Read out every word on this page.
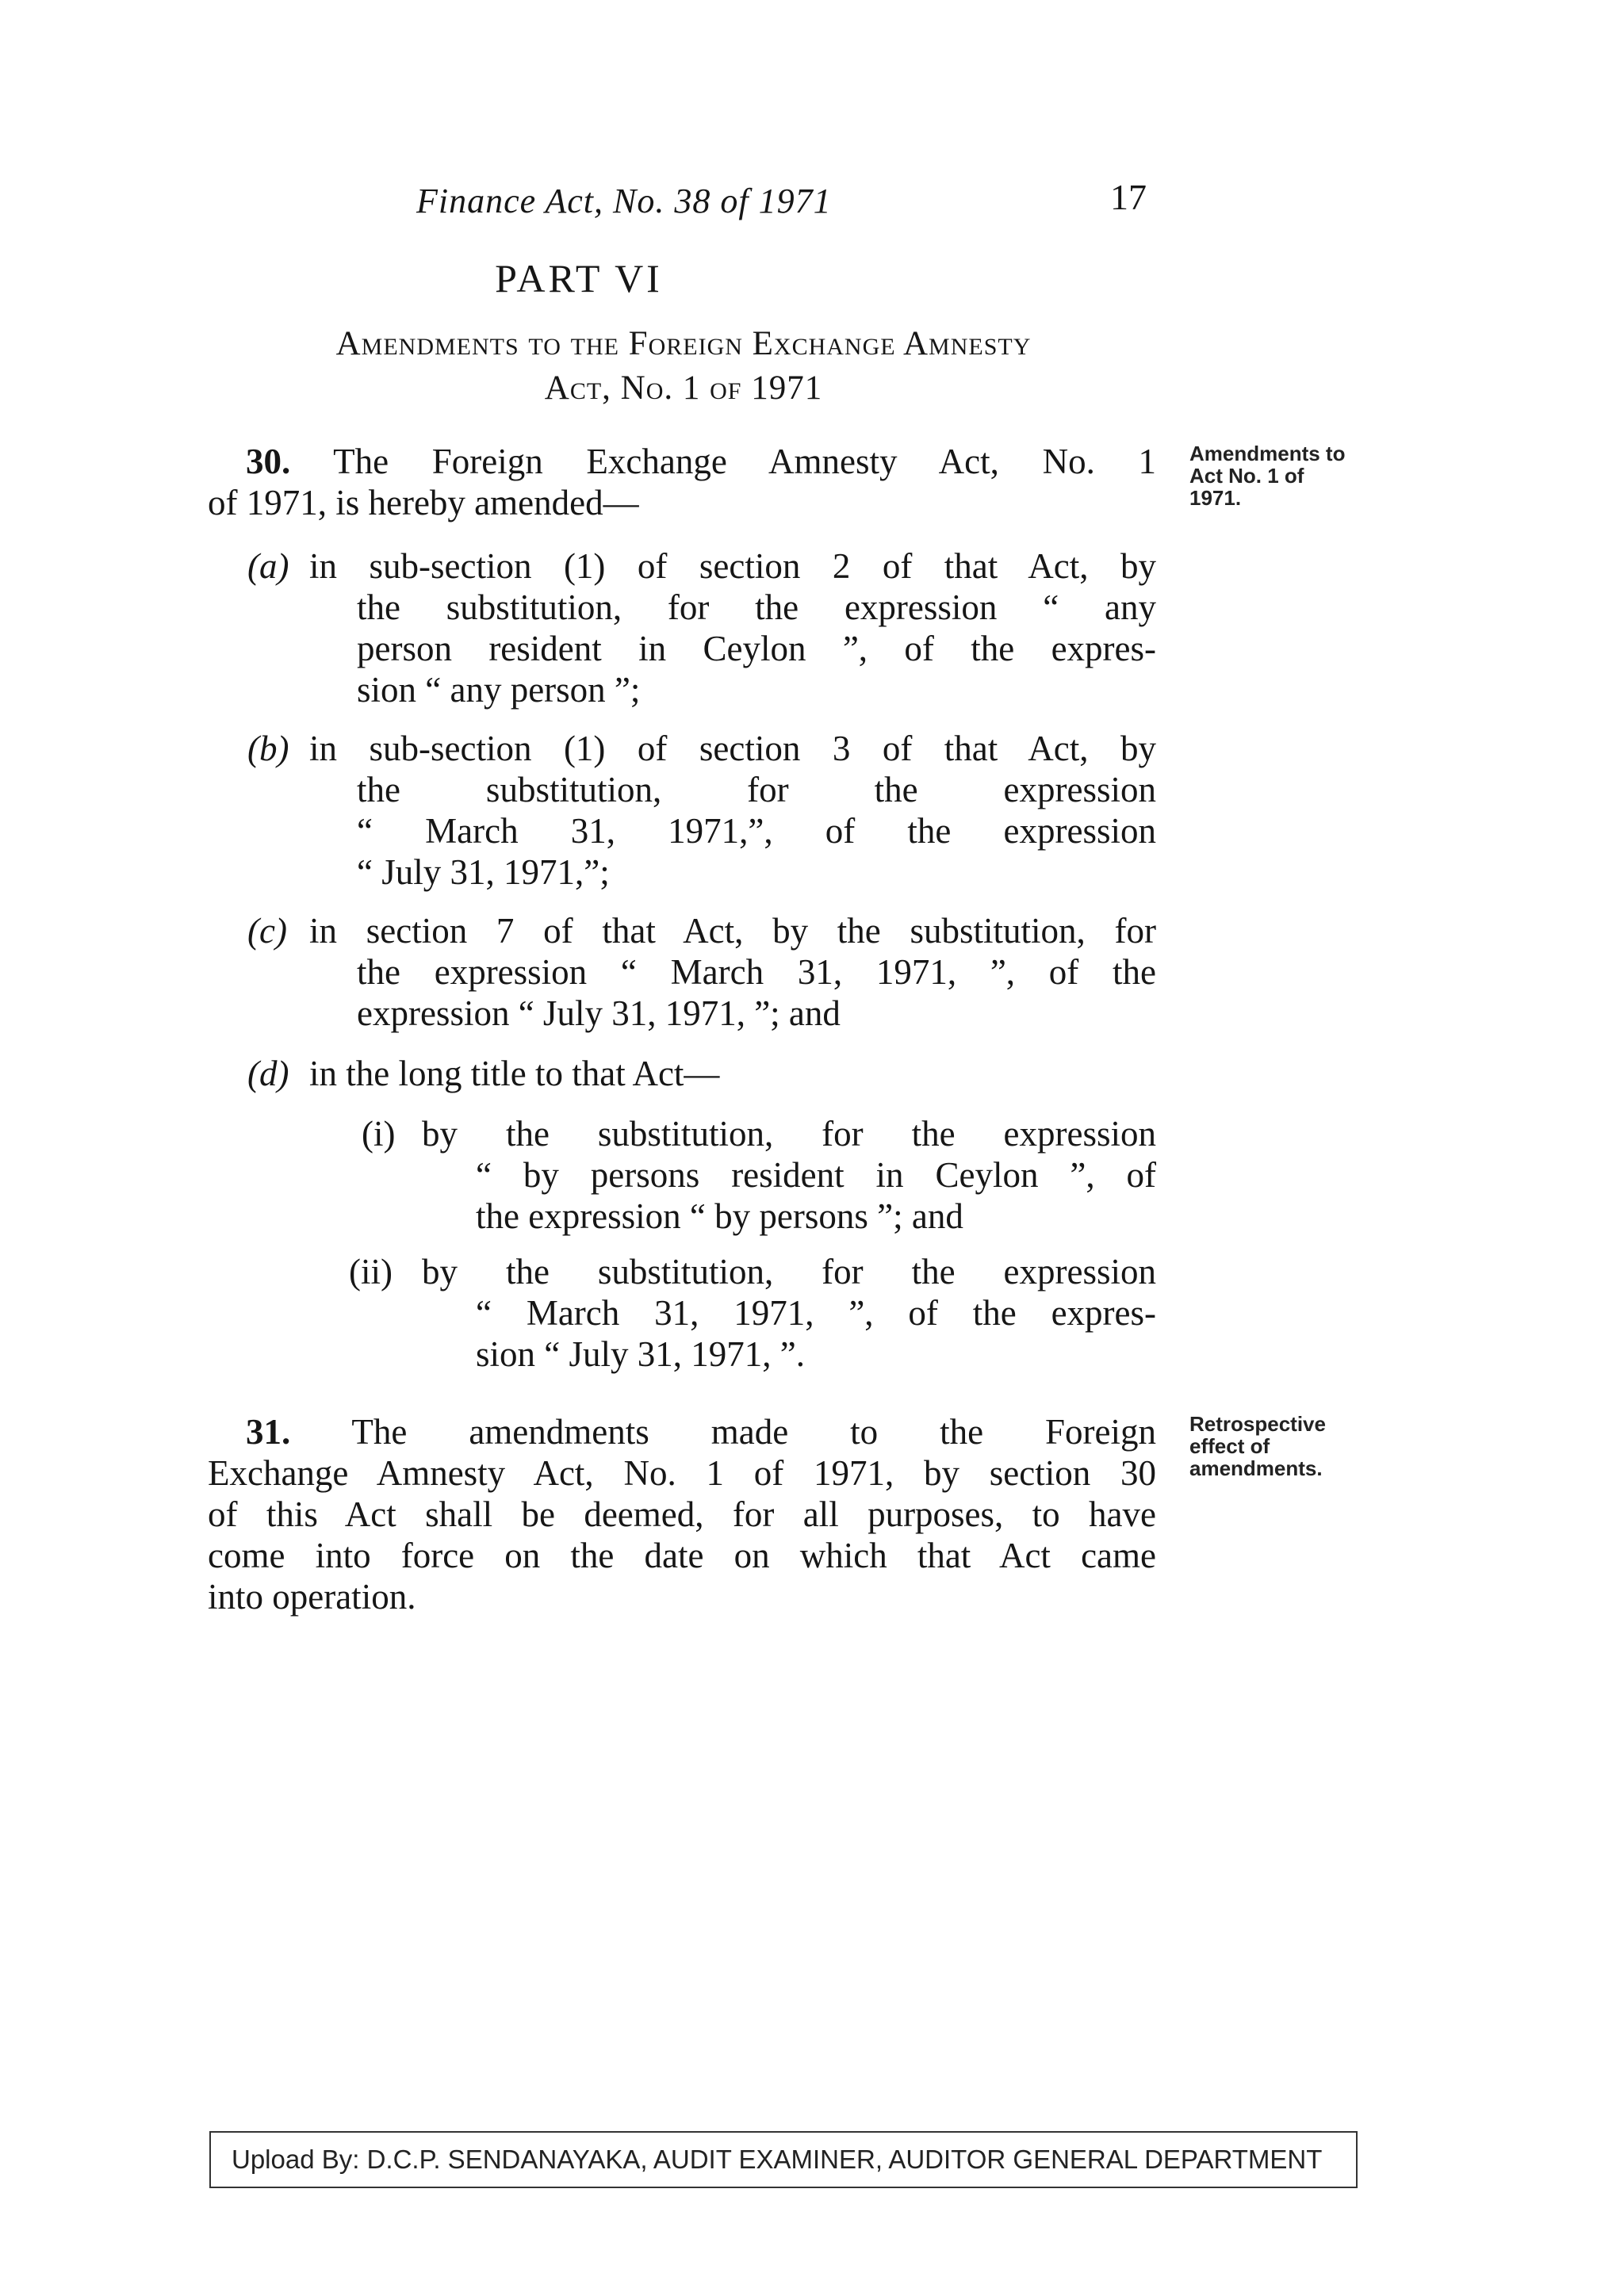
Finance Act, No. 38 of 1971	17
PART VI
Amendments to the Foreign Exchange Amnesty
Act, No. 1 of 1971
30. The Foreign Exchange Amnesty Act, No. 1
of 1971, is hereby amended—
Amendments to
Act No. 1 of
1971.
(a) in sub-section (1) of section 2 of that Act, by
the substitution, for the expression “ any
person resident in Ceylon ”, of the expres-
sion “ any person ”;
(b) in sub-section (1) of section 3 of that Act, by
the substitution, for the expression
“ March 31, 1971,”, of the expression
“ July 31, 1971,”;
(c) in section 7 of that Act, by the substitution, for
the expression “ March 31, 1971, ”, of the
expression “ July 31, 1971, ”; and
(d) in the long title to that Act—
(i) by the substitution, for the expression
“ by persons resident in Ceylon ”, of
the expression “ by persons ”; and
(ii) by the substitution, for the expression
“ March 31, 1971, ”, of the expres-
sion “ July 31, 1971, ”.
31. The amendments made to the Foreign
Exchange Amnesty Act, No. 1 of 1971, by section 30
of this Act shall be deemed, for all purposes, to have
come into force on the date on which that Act came
into operation.
Retrospective
effect of
amendments.
Upload By: D.C.P. SENDANAYAKA, AUDIT EXAMINER, AUDITOR GENERAL DEPARTMENT
